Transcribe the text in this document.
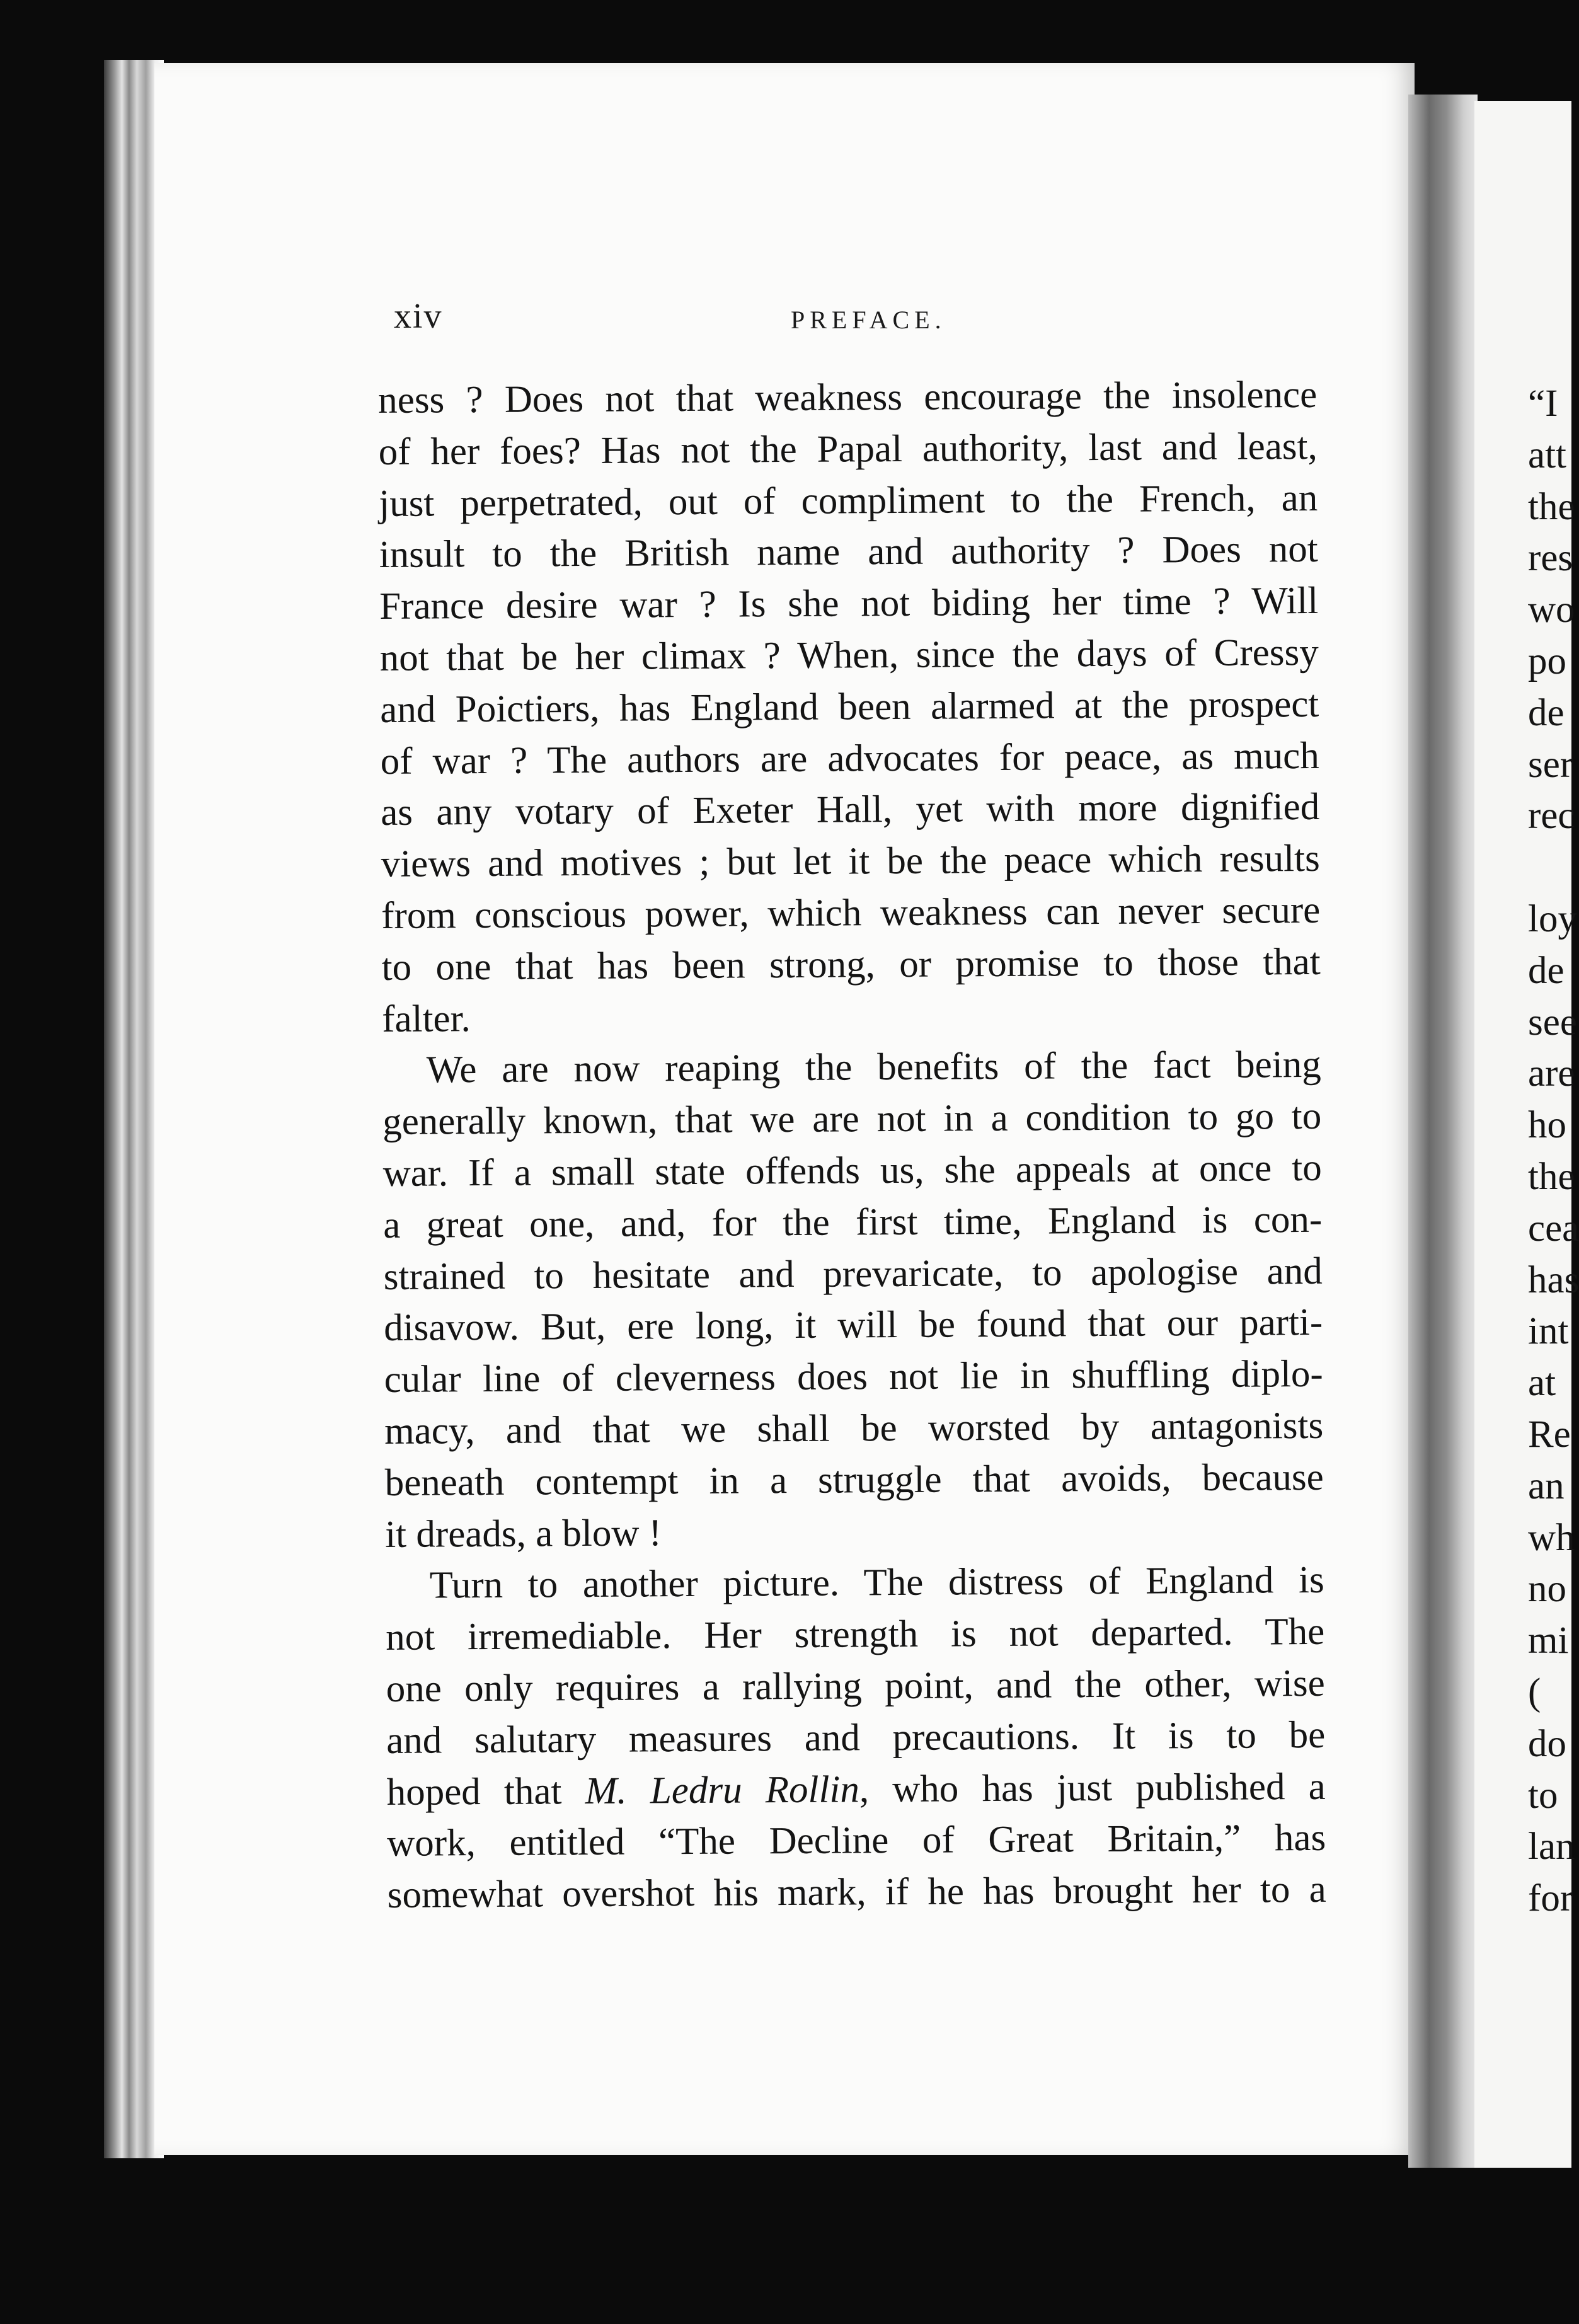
“I
att
the
res
wo
po
de
ser
rec
loy
de
see
are
ho
the
cea
has
int
at
Re
an
wh
no
mi
(
do
to
lan
for
xiv	PREFACE.
ness ? Does not that weakness encourage the insolence
of her foes? Has not the Papal authority, last and least,
just perpetrated, out of compliment to the French, an
insult to the British name and authority ? Does not
France desire war ? Is she not biding her time ? Will
not that be her climax ? When, since the days of Cressy
and Poictiers, has England been alarmed at the prospect
of war ? The authors are advocates for peace, as much
as any votary of Exeter Hall, yet with more dignified
views and motives ; but let it be the peace which results
from conscious power, which weakness can never secure
to one that has been strong, or promise to those that
falter.
We are now reaping the benefits of the fact being
generally known, that we are not in a condition to go to
war. If a small state offends us, she appeals at once to
a great one, and, for the first time, England is con-
strained to hesitate and prevaricate, to apologise and
disavow. But, ere long, it will be found that our parti-
cular line of cleverness does not lie in shuffling diplo-
macy, and that we shall be worsted by antagonists
beneath contempt in a struggle that avoids, because
it dreads, a blow !
Turn to another picture. The distress of England is
not irremediable. Her strength is not departed. The
one only requires a rallying point, and the other, wise
and salutary measures and precautions. It is to be
hoped that M. Ledru Rollin, who has just published a
work, entitled “The Decline of Great Britain,” has
somewhat overshot his mark, if he has brought her to a
